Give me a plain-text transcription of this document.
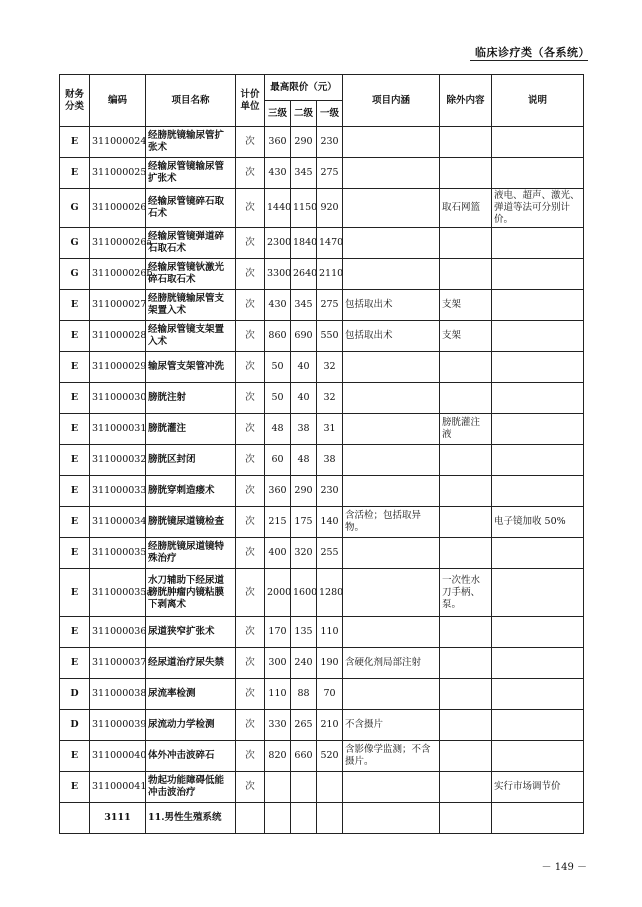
临床诊疗类（各系统）
财务分类	编码	项目名称	计价单位	最高限价（元）			项目内涵	除外内容	说明
				三级	二级	一级			
E	311000024	经膀胱镜输尿管扩张术	次	360	290	230			
E	311000025	经输尿管镜输尿管扩张术	次	430	345	275			
G	311000026	经输尿管镜碎石取石术	次	1440	1150	920		取石网篮	液电、超声、激光、弹道等法可分别计价。
G	311000026a	经输尿管镜弹道碎石取石术	次	2300	1840	1470			
G	311000026b	经输尿管镜钬激光碎石取石术	次	3300	2640	2110			
E	311000027	经膀胱镜输尿管支架置入术	次	430	345	275	包括取出术	支架	
E	311000028	经输尿管镜支架置入术	次	860	690	550	包括取出术	支架	
E	311000029	输尿管支架管冲洗	次	50	40	32			
E	311000030	膀胱注射	次	50	40	32			
E	311000031	膀胱灌注	次	48	38	31		膀胱灌注液	
E	311000032	膀胱区封闭	次	60	48	38			
E	311000033	膀胱穿刺造瘘术	次	360	290	230			
E	311000034	膀胱镜尿道镜检查	次	215	175	140	含活检；包括取异物。		电子镜加收 50%
E	311000035	经膀胱镜尿道镜特殊治疗	次	400	320	255			
E	311000035a	水刀辅助下经尿道膀胱肿瘤内镜粘膜下剥离术	次	2000	1600	1280		一次性水刀手柄、泵。	
E	311000036	尿道狭窄扩张术	次	170	135	110			
E	311000037	经尿道治疗尿失禁	次	300	240	190	含硬化剂局部注射		
D	311000038	尿流率检测	次	110	88	70			
D	311000039	尿流动力学检测	次	330	265	210	不含摄片		
E	311000040	体外冲击波碎石	次	820	660	520	含影像学监测；不含摄片。		
E	311000041	勃起功能障碍低能冲击波治疗	次						实行市场调节价
	3111	11.男性生殖系统							
－ 149 －
